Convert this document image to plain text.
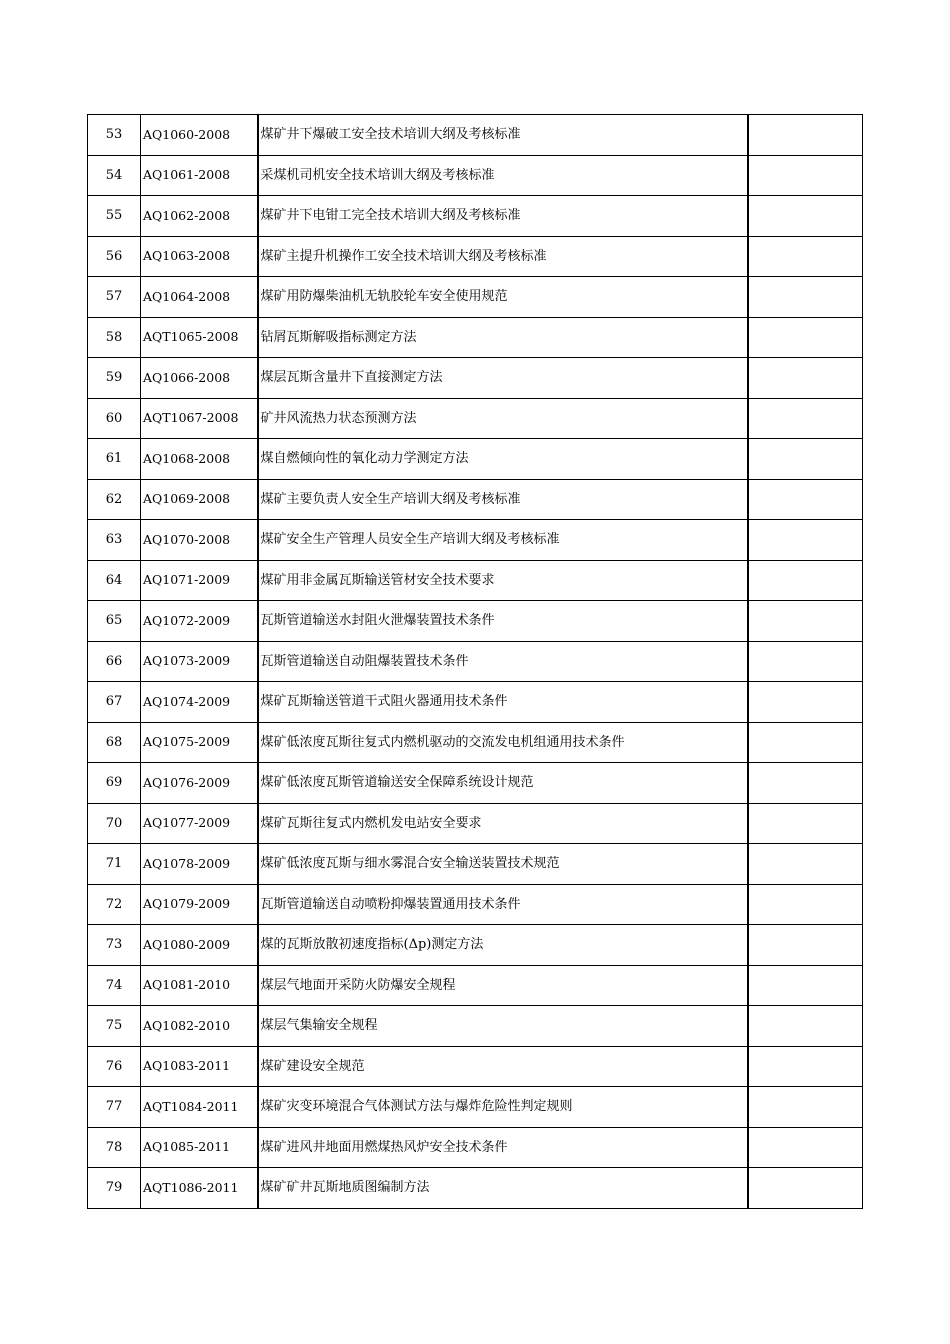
53	AQ1060-2008	煤矿井下爆破工安全技术培训大纲及考核标准	
54	AQ1061-2008	采煤机司机安全技术培训大纲及考核标准	
55	AQ1062-2008	煤矿井下电钳工完全技术培训大纲及考核标准	
56	AQ1063-2008	煤矿主提升机操作工安全技术培训大纲及考核标准	
57	AQ1064-2008	煤矿用防爆柴油机无轨胶轮车安全使用规范	
58	AQT1065-2008	钻屑瓦斯解吸指标测定方法	
59	AQ1066-2008	煤层瓦斯含量井下直接测定方法	
60	AQT1067-2008	矿井风流热力状态预测方法	
61	AQ1068-2008	煤自燃倾向性的氧化动力学测定方法	
62	AQ1069-2008	煤矿主要负责人安全生产培训大纲及考核标准	
63	AQ1070-2008	煤矿安全生产管理人员安全生产培训大纲及考核标准	
64	AQ1071-2009	煤矿用非金属瓦斯输送管材安全技术要求	
65	AQ1072-2009	瓦斯管道输送水封阻火泄爆装置技术条件	
66	AQ1073-2009	瓦斯管道输送自动阻爆装置技术条件	
67	AQ1074-2009	煤矿瓦斯输送管道干式阻火器通用技术条件	
68	AQ1075-2009	煤矿低浓度瓦斯往复式内燃机驱动的交流发电机组通用技术条件	
69	AQ1076-2009	煤矿低浓度瓦斯管道输送安全保障系统设计规范	
70	AQ1077-2009	煤矿瓦斯往复式内燃机发电站安全要求	
71	AQ1078-2009	煤矿低浓度瓦斯与细水雾混合安全输送装置技术规范	
72	AQ1079-2009	瓦斯管道输送自动喷粉抑爆装置通用技术条件	
73	AQ1080-2009	煤的瓦斯放散初速度指标(Δp)测定方法	
74	AQ1081-2010	煤层气地面开采防火防爆安全规程	
75	AQ1082-2010	煤层气集输安全规程	
76	AQ1083-2011	煤矿建设安全规范	
77	AQT1084-2011	煤矿灾变环境混合气体测试方法与爆炸危险性判定规则	
78	AQ1085-2011	煤矿进风井地面用燃煤热风炉安全技术条件	
79	AQT1086-2011	煤矿矿井瓦斯地质图编制方法	
